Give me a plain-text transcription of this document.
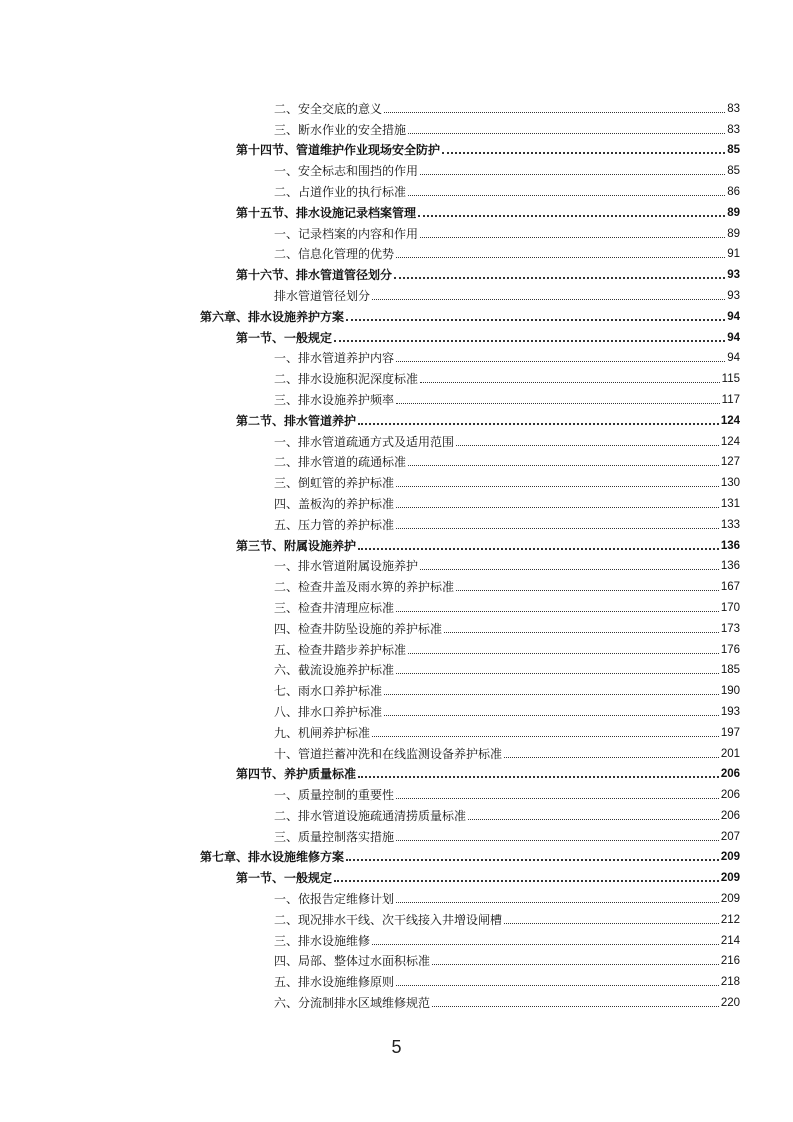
二、安全交底的意义	83
三、断水作业的安全措施	83
第十四节、管道维护作业现场安全防护	85
一、安全标志和围挡的作用	85
二、占道作业的执行标准	86
第十五节、排水设施记录档案管理	89
一、记录档案的内容和作用	89
二、信息化管理的优势	91
第十六节、排水管道管径划分	93
排水管道管径划分	93
第六章、排水设施养护方案	94
第一节、一般规定	94
一、排水管道养护内容	94
二、排水设施积泥深度标准	115
三、排水设施养护频率	117
第二节、排水管道养护	124
一、排水管道疏通方式及适用范围	124
二、排水管道的疏通标准	127
三、倒虹管的养护标准	130
四、盖板沟的养护标准	131
五、压力管的养护标准	133
第三节、附属设施养护	136
一、排水管道附属设施养护	136
二、检查井盖及雨水箅的养护标准	167
三、检查井清理应标准	170
四、检查井防坠设施的养护标准	173
五、检查井踏步养护标准	176
六、截流设施养护标准	185
七、雨水口养护标准	190
八、排水口养护标准	193
九、机闸养护标准	197
十、管道拦蓄冲洗和在线监测设备养护标准	201
第四节、养护质量标准	206
一、质量控制的重要性	206
二、排水管道设施疏通清捞质量标准	206
三、质量控制落实措施	207
第七章、排水设施维修方案	209
第一节、一般规定	209
一、依报告定维修计划	209
二、现况排水干线、次干线接入井增设闸槽	212
三、排水设施维修	214
四、局部、整体过水面积标准	216
五、排水设施维修原则	218
六、分流制排水区域维修规范	220
5
